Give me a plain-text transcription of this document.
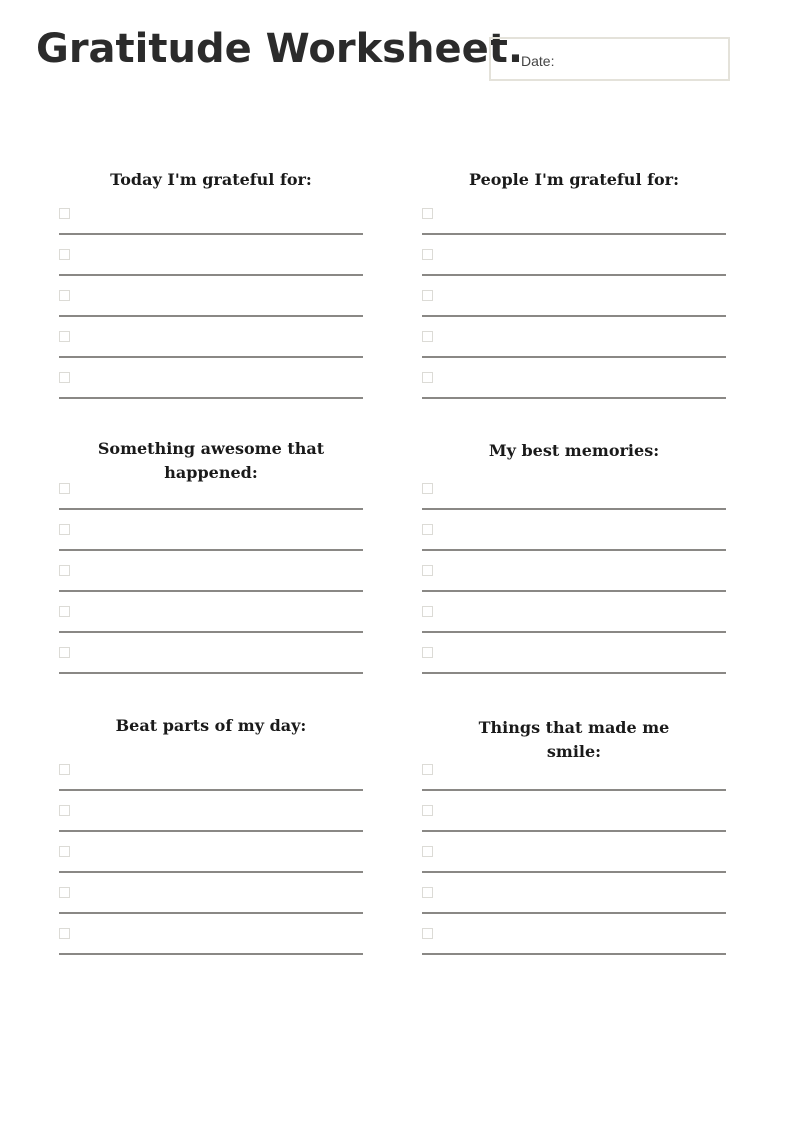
Gratitude Worksheet.
Date:
Today I'm grateful for:	People I'm grateful for:
Something awesome that happened:
My best memories:
Beat parts of my day:	Things that made me smile:
